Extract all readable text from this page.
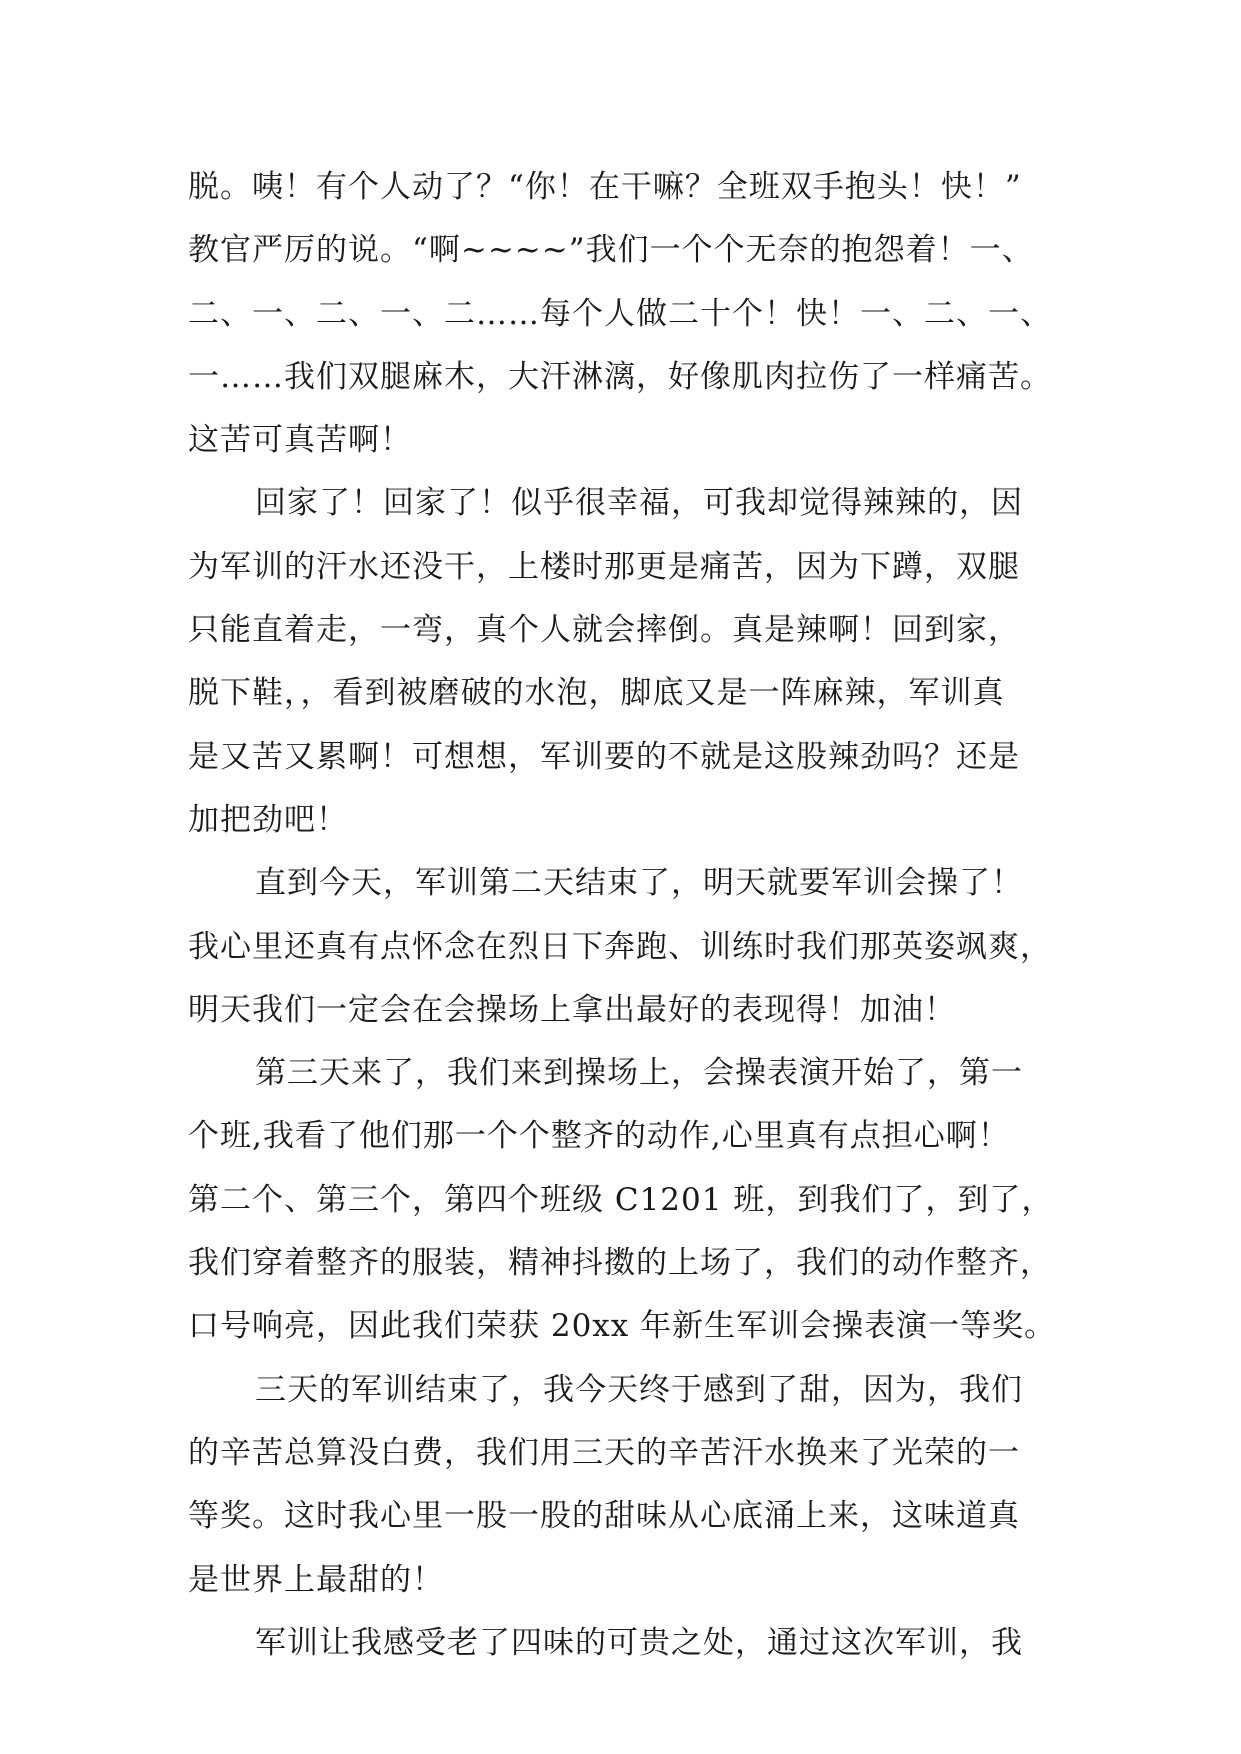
脱。咦！有个人动了？“你！在干嘛？全班双手抱头！快！”
教官严厉的说。“啊~~~~”我们一个个无奈的抱怨着！一、
二、一、二、一、二……每个人做二十个！快！一、二、一、
一……我们双腿麻木，大汗淋漓，好像肌肉拉伤了一样痛苦。
这苦可真苦啊！
回家了！回家了！似乎很幸福，可我却觉得辣辣的，因
为军训的汗水还没干，上楼时那更是痛苦，因为下蹲，双腿
只能直着走，一弯，真个人就会摔倒。真是辣啊！回到家，
脱下鞋，，看到被磨破的水泡，脚底又是一阵麻辣，军训真
是又苦又累啊！可想想，军训要的不就是这股辣劲吗？还是
加把劲吧！
直到今天，军训第二天结束了，明天就要军训会操了！
我心里还真有点怀念在烈日下奔跑、训练时我们那英姿飒爽，
明天我们一定会在会操场上拿出最好的表现得！加油！
第三天来了，我们来到操场上，会操表演开始了，第一
个班,我看了他们那一个个整齐的动作,心里真有点担心啊！
第二个、第三个，第四个班级 C1201 班，到我们了，到了，
我们穿着整齐的服装，精神抖擞的上场了，我们的动作整齐，
口号响亮，因此我们荣获 20xx 年新生军训会操表演一等奖。
三天的军训结束了，我今天终于感到了甜，因为，我们
的辛苦总算没白费，我们用三天的辛苦汗水换来了光荣的一
等奖。这时我心里一股一股的甜味从心底涌上来，这味道真
是世界上最甜的！
军训让我感受老了四味的可贵之处，通过这次军训，我
